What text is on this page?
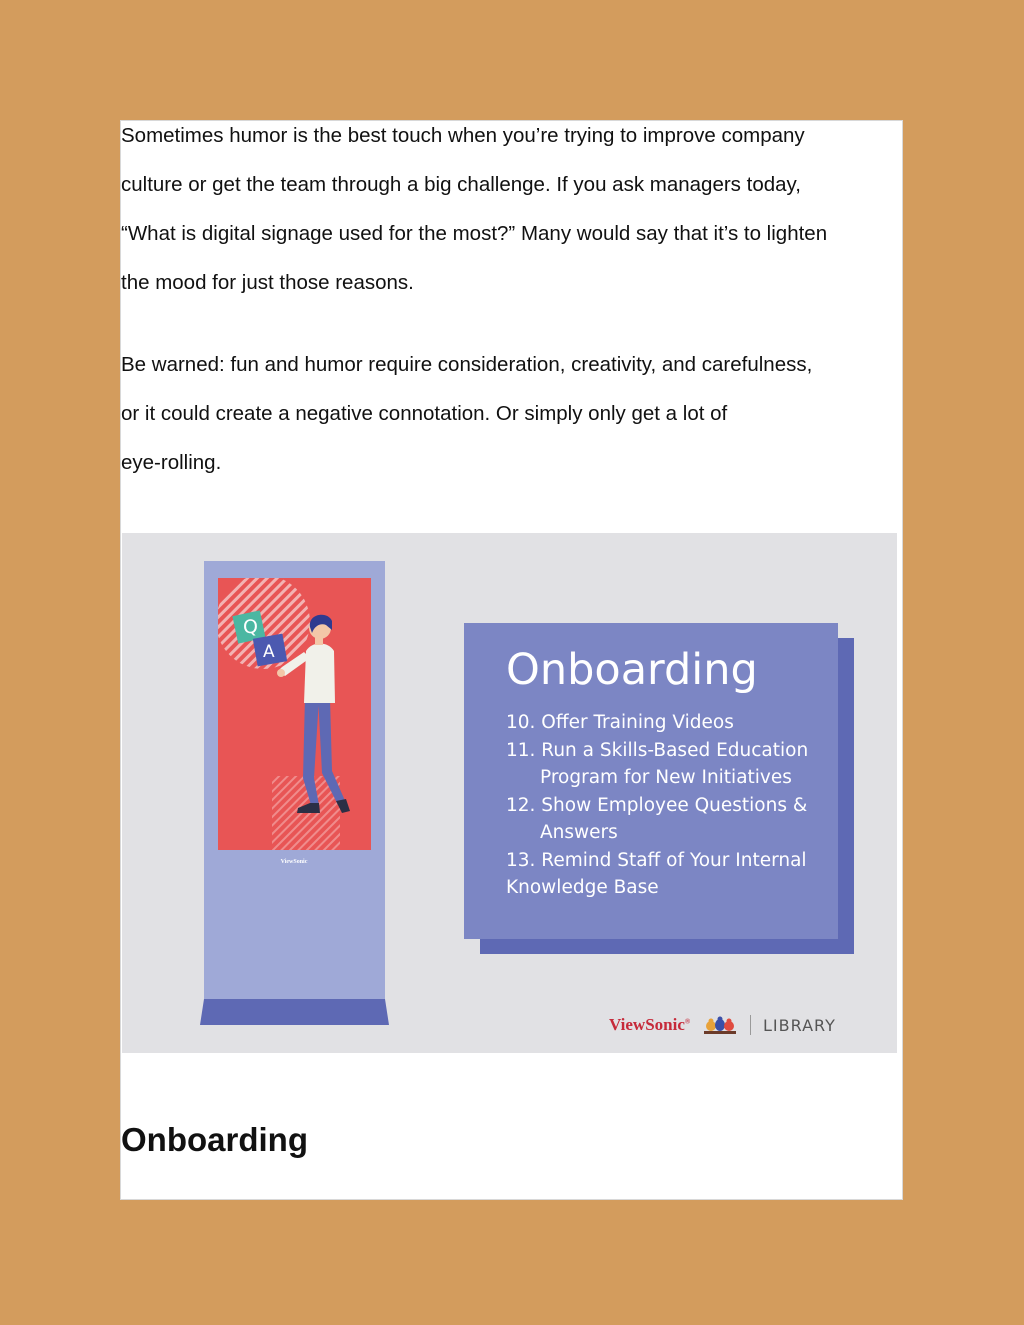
Sometimes humor is the best touch when you’re trying to improve company
culture or get the team through a big challenge. If you ask managers today,
“What is digital signage used for the most?” Many would say that it’s to lighten
the mood for just those reasons.
Be warned: fun and humor require consideration, creativity, and carefulness,
or it could create a negative connotation. Or simply only get a lot of
eye-rolling.
Q
A
ViewSonic
Onboarding
10. Offer Training Videos
11. Run a Skills-Based Education
Program for New Initiatives
12. Show Employee Questions &
Answers
13. Remind Staff of Your Internal
Knowledge Base
ViewSonic®	LIBRARY
Onboarding
